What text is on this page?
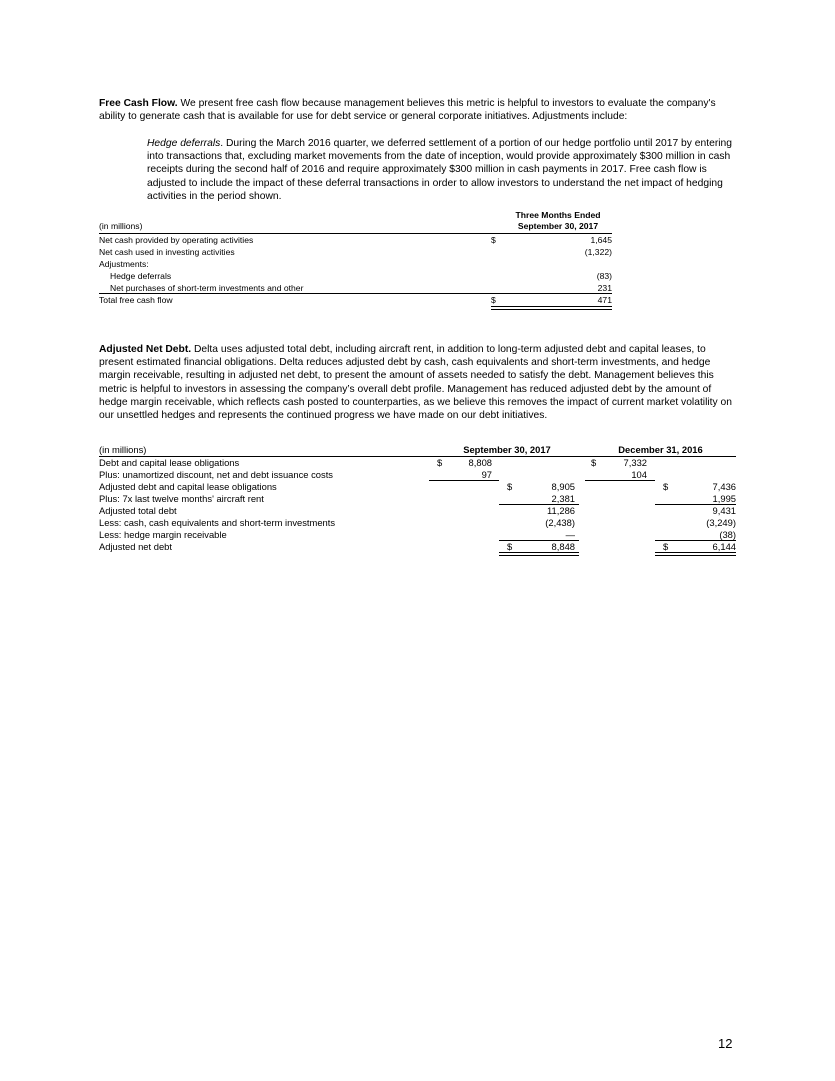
Free Cash Flow. We present free cash flow because management believes this metric is helpful to investors to evaluate the company's ability to generate cash that is available for use for debt service or general corporate initiatives. Adjustments include:

Hedge deferrals. During the March 2016 quarter, we deferred settlement of a portion of our hedge portfolio until 2017 by entering into transactions that, excluding market movements from the date of inception, would provide approximately $300 million in cash receipts during the second half of 2016 and require approximately $300 million in cash payments in 2017. Free cash flow is adjusted to include the impact of these deferral transactions in order to allow investors to understand the net impact of hedging activities in the period shown.

Three Months Ended
(in millions)	September 30, 2017
Net cash provided by operating activities	$	1,645
Net cash used in investing activities	(1,322)
Adjustments:
Hedge deferrals	(83)
Net purchases of short-term investments and other	231
Total free cash flow	$	471

Adjusted Net Debt. Delta uses adjusted total debt, including aircraft rent, in addition to long-term adjusted debt and capital leases, to present estimated financial obligations. Delta reduces adjusted debt by cash, cash equivalents and short-term investments, and hedge margin receivable, resulting in adjusted net debt, to present the amount of assets needed to satisfy the debt. Management believes this metric is helpful to investors in assessing the company’s overall debt profile. Management has reduced adjusted debt by the amount of hedge margin receivable, which reflects cash posted to counterparties, as we believe this removes the impact of current market volatility on our unsettled hedges and represents the continued progress we have made on our debt initiatives.

(in millions)	September 30, 2017	December 31, 2016
Debt and capital lease obligations	$	8,808	$	7,332
Plus: unamortized discount, net and debt issuance costs	97	104
Adjusted debt and capital lease obligations	$	8,905	$	7,436
Plus: 7x last twelve months' aircraft rent	2,381	1,995
Adjusted total debt	11,286	9,431
Less: cash, cash equivalents and short-term investments	(2,438)	(3,249)
Less: hedge margin receivable	—	(38)
Adjusted net debt	$	8,848	$	6,144
12
